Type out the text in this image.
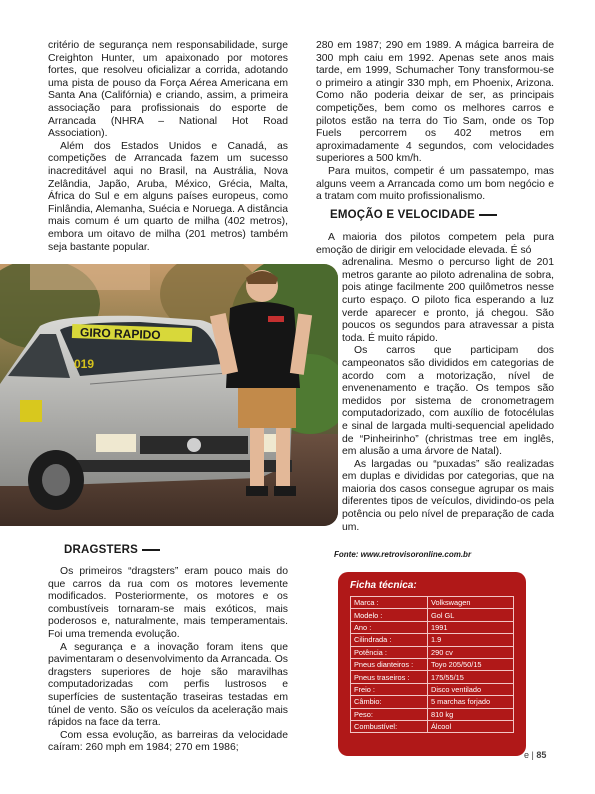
critério de segurança nem responsabilidade, surge Creighton Hunter, um apaixonado por motores fortes, que resolveu oficializar a corrida, adotando uma pista de pouso da Força Aérea Americana em Santa Ana (Califórnia) e criando, assim, a primeira associação para profissionais do esporte de Arrancada (NHRA – National Hot Road Association).

Além dos Estados Unidos e Canadá, as competições de Arrancada fazem um sucesso inacreditável aqui no Brasil, na Austrália, Nova Zelândia, Japão, Aruba, México, Grécia, Malta, África do Sul e em alguns países europeus, como Finlândia, Alemanha, Suécia e Noruega. A distância mais comum é um quarto de milha (402 metros), embora um oitavo de milha (201 metros) também seja bastante popular.

280 em 1987; 290 em 1989. A mágica barreira de 300 mph caiu em 1992. Apenas sete anos mais tarde, em 1999, Schumacher Tony transformou-se o primeiro a atingir 330 mph, em Phoenix, Arizona. Como não poderia deixar de ser, as principais competições, bem como os melhores carros e pilotos estão na terra do Tio Sam, onde os Top Fuels percorrem os 402 metros em aproximadamente 4 segundos, com velocidades superiores a 500 km/h.

Para muitos, competir é um passatempo, mas alguns veem a Arrancada como um bom negócio e a tratam com muito profissionalismo.

EMOÇÃO E VELOCIDADE

A maioria dos pilotos competem pela pura emoção de dirigir em velocidade elevada. É só

adrenalina. Mesmo o percurso light de 201 metros garante ao piloto adrenalina de sobra, pois atinge facilmente 200 quilômetros nesse curto espaço. O piloto fica esperando a luz verde aparecer e pronto, já chegou. São poucos os segundos para atravessar a pista toda. É muito rápido.

Os carros que participam dos campeonatos são divididos em categorias de acordo com a motorização, nível de envenenamento e tração. Os tempos são medidos por sistema de cronometragem computadorizado, com auxílio de fotocélulas e sinal de largada multi-sequencial apelidado de “Pinheirinho” (christmas tree em inglês, em alusão a uma árvore de Natal).

As largadas ou “puxadas” são realizadas em duplas e divididas por categorias, que na maioria dos casos consegue agrupar os mais diferentes tipos de veículos, dividindo-os pela potência ou pelo nível de preparação de cada um.

GIRO RAPIDO
019
Fonte: www.retrovisoronline.com.br
DRAGSTERS

Os primeiros “dragsters” eram pouco mais do que carros da rua com os motores levemente modificados. Posteriormente, os motores e os combustíveis tornaram-se mais exóticos, mais poderosos e, naturalmente, mais temperamentais. Foi uma tremenda evolução.

A segurança e a inovação foram itens que pavimentaram o desenvolvimento da Arrancada. Os dragsters superiores de hoje são maravilhas computadorizadas com perfis lustrosos e superfícies de sustentação traseiras testadas em túnel de vento. São os veículos da aceleração mais rápidos na face da terra.

Com essa evolução, as barreiras da velocidade caíram: 260 mph em 1984; 270 em 1986;

Ficha técnica:
Marca :	Volkswagen
Modelo :	Gol GL
Ano :	1991
Cilindrada :	1.9
Potência :	290 cv
Pneus dianteiros :	Toyo 205/50/15
Pneus traseiros :	175/55/15
Freio :	Disco ventilado
Câmbio:	5 marchas forjado
Peso:	810 kg
Combustível:	Álcool
e | 85
